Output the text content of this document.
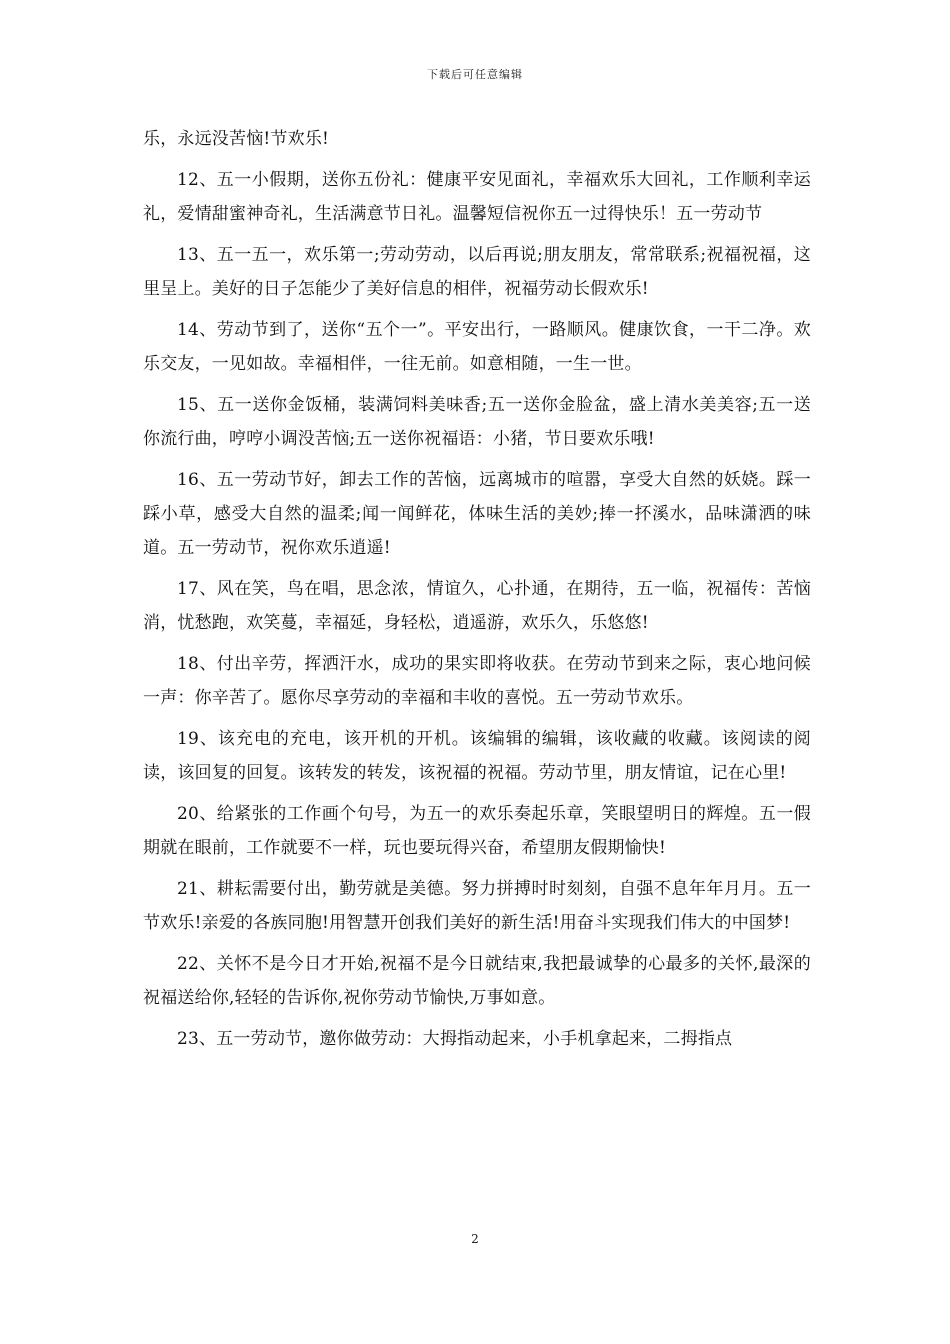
下载后可任意编辑

乐，永远没苦恼!节欢乐!

12、五一小假期，送你五份礼：健康平安见面礼，幸福欢乐大回礼，工作顺利幸运礼，爱情甜蜜神奇礼，生活满意节日礼。温馨短信祝你五一过得快乐！五一劳动节

13、五一五一，欢乐第一;劳动劳动，以后再说;朋友朋友，常常联系;祝福祝福，这里呈上。美好的日子怎能少了美好信息的相伴，祝福劳动长假欢乐!

14、劳动节到了，送你“五个一”。平安出行，一路顺风。健康饮食，一干二净。欢乐交友，一见如故。幸福相伴，一往无前。如意相随，一生一世。

15、五一送你金饭桶，装满饲料美味香;五一送你金脸盆，盛上清水美美容;五一送你流行曲，哼哼小调没苦恼;五一送你祝福语：小猪，节日要欢乐哦!

16、五一劳动节好，卸去工作的苦恼，远离城市的喧嚣，享受大自然的妖娆。踩一踩小草，感受大自然的温柔;闻一闻鲜花，体味生活的美妙;捧一抔溪水，品味潇洒的味道。五一劳动节，祝你欢乐逍遥!

17、风在笑，鸟在唱，思念浓，情谊久，心扑通，在期待，五一临，祝福传：苦恼消，忧愁跑，欢笑蔓，幸福延，身轻松，逍遥游，欢乐久，乐悠悠!

18、付出辛劳，挥洒汗水，成功的果实即将收获。在劳动节到来之际，衷心地问候一声：你辛苦了。愿你尽享劳动的幸福和丰收的喜悦。五一劳动节欢乐。

19、该充电的充电，该开机的开机。该编辑的编辑，该收藏的收藏。该阅读的阅读，该回复的回复。该转发的转发，该祝福的祝福。劳动节里，朋友情谊，记在心里!

20、给紧张的工作画个句号，为五一的欢乐奏起乐章，笑眼望明日的辉煌。五一假期就在眼前，工作就要不一样，玩也要玩得兴奋，希望朋友假期愉快!

21、耕耘需要付出，勤劳就是美德。努力拼搏时时刻刻，自强不息年年月月。五一节欢乐!亲爱的各族同胞!用智慧开创我们美好的新生活!用奋斗实现我们伟大的中国梦!

22、关怀不是今日才开始,祝福不是今日就结束,我把最诚挚的心最多的关怀,最深的祝福送给你,轻轻的告诉你,祝你劳动节愉快,万事如意。

23、五一劳动节，邀你做劳动：大拇指动起来，小手机拿起来，二拇指点

2
